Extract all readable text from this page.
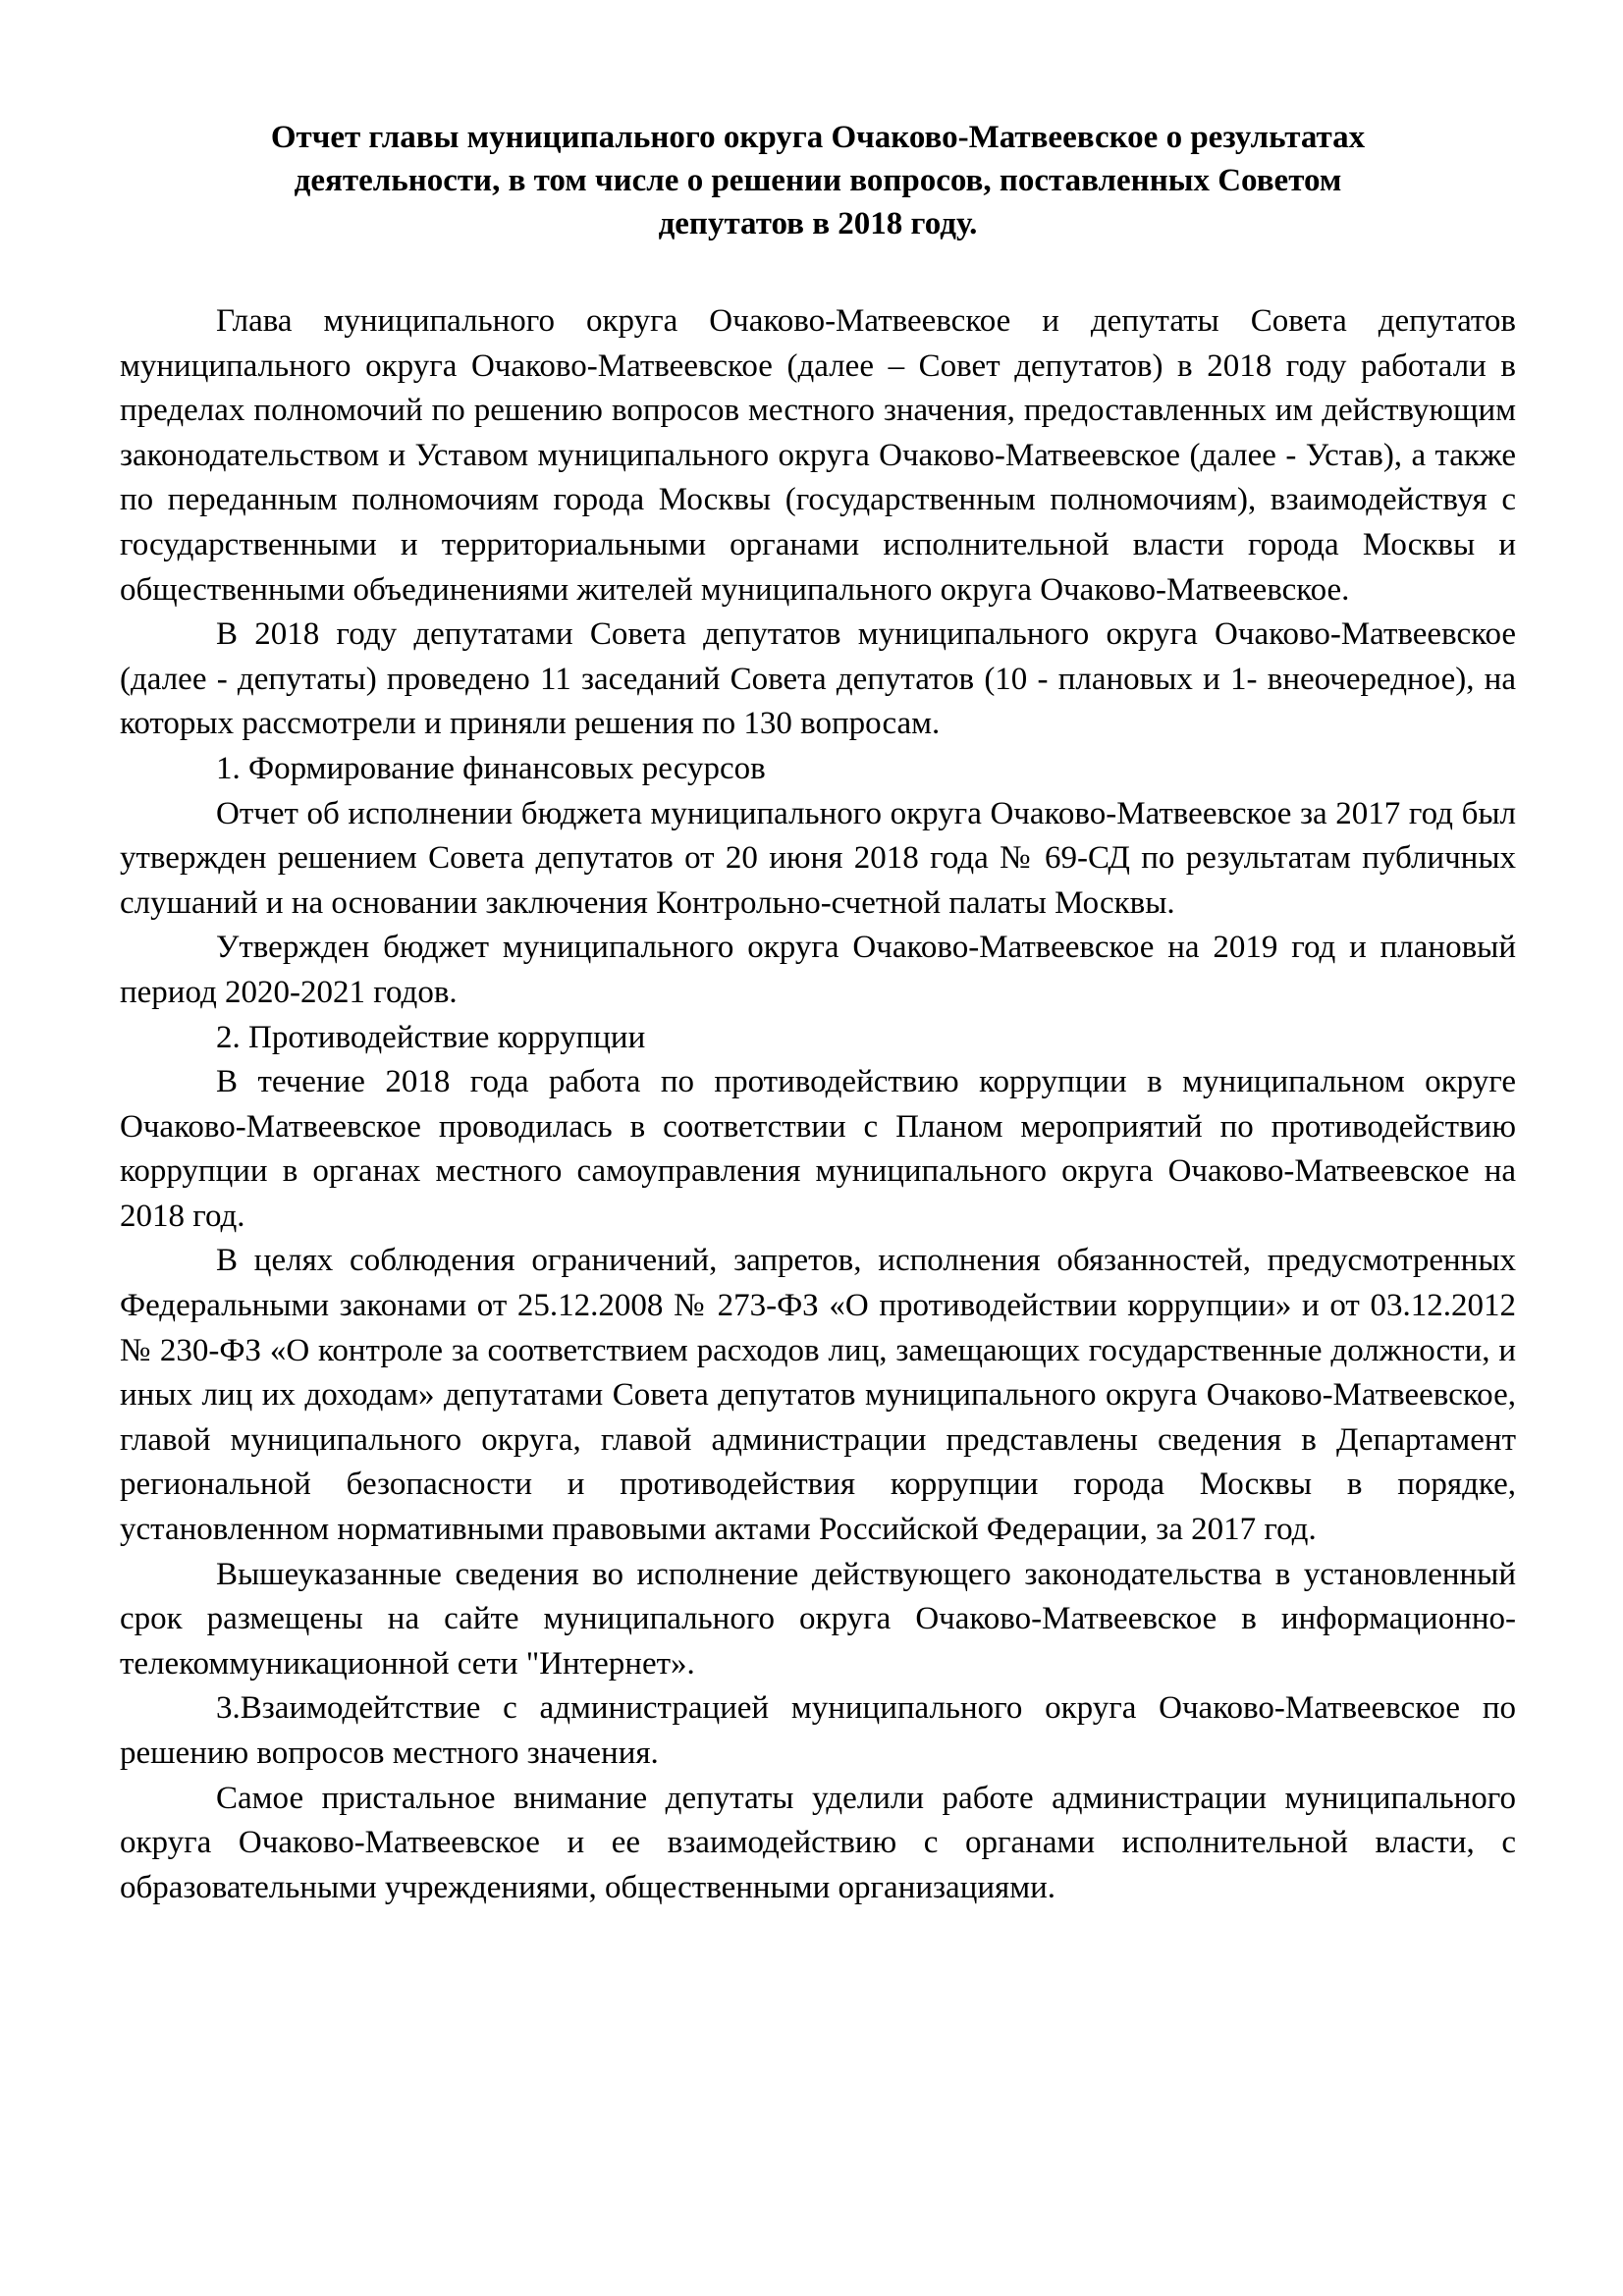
Отчет главы муниципального округа Очаково-Матвеевское о результатах
деятельности, в том числе о решении вопросов, поставленных Советом
депутатов в 2018 году.

Глава муниципального округа Очаково-Матвеевское и депутаты Совета депутатов муниципального округа Очаково-Матвеевское (далее – Совет депутатов) в 2018 году работали в пределах полномочий по решению вопросов местного значения, предоставленных им действующим законодательством и Уставом муниципального округа Очаково-Матвеевское (далее - Устав), а также по переданным полномочиям города Москвы (государственным полномочиям), взаимодействуя с государственными и территориальными органами исполнительной власти города Москвы и общественными объединениями жителей муниципального округа Очаково-Матвеевское.

В 2018 году депутатами Совета депутатов муниципального округа Очаково-Матвеевское (далее - депутаты) проведено 11 заседаний Совета депутатов (10 - плановых и 1- внеочередное), на которых рассмотрели и приняли решения по 130 вопросам.

1. Формирование финансовых ресурсов

Отчет об исполнении бюджета муниципального округа Очаково-Матвеевское за 2017 год был утвержден решением Совета депутатов от 20 июня 2018 года № 69-СД по результатам публичных слушаний и на основании заключения Контрольно-счетной палаты Москвы.

Утвержден бюджет муниципального округа Очаково-Матвеевское на 2019 год и плановый период 2020-2021 годов.

2. Противодействие коррупции

В течение 2018 года работа по противодействию коррупции в муниципальном округе Очаково-Матвеевское проводилась в соответствии с Планом мероприятий по противодействию коррупции в органах местного самоуправления муниципального округа Очаково-Матвеевское на 2018 год.

В целях соблюдения ограничений, запретов, исполнения обязанностей, предусмотренных Федеральными законами от 25.12.2008 № 273-ФЗ «О противодействии коррупции» и от 03.12.2012 № 230-ФЗ «О контроле за соответствием расходов лиц, замещающих государственные должности, и иных лиц их доходам» депутатами Совета депутатов муниципального округа Очаково-Матвеевское, главой муниципального округа, главой администрации представлены сведения в Департамент региональной безопасности и противодействия коррупции города Москвы в порядке, установленном нормативными правовыми актами Российской Федерации, за 2017 год.

Вышеуказанные сведения во исполнение действующего законодательства в установленный срок размещены на сайте муниципального округа Очаково-Матвеевское в информационно-телекоммуникационной сети "Интернет».

3.Взаимодейтствие с администрацией муниципального округа Очаково-Матвеевское по решению вопросов местного значения.

Самое пристальное внимание депутаты уделили работе администрации муниципального округа Очаково-Матвеевское и ее взаимодействию с органами исполнительной власти, с образовательными учреждениями, общественными организациями.
